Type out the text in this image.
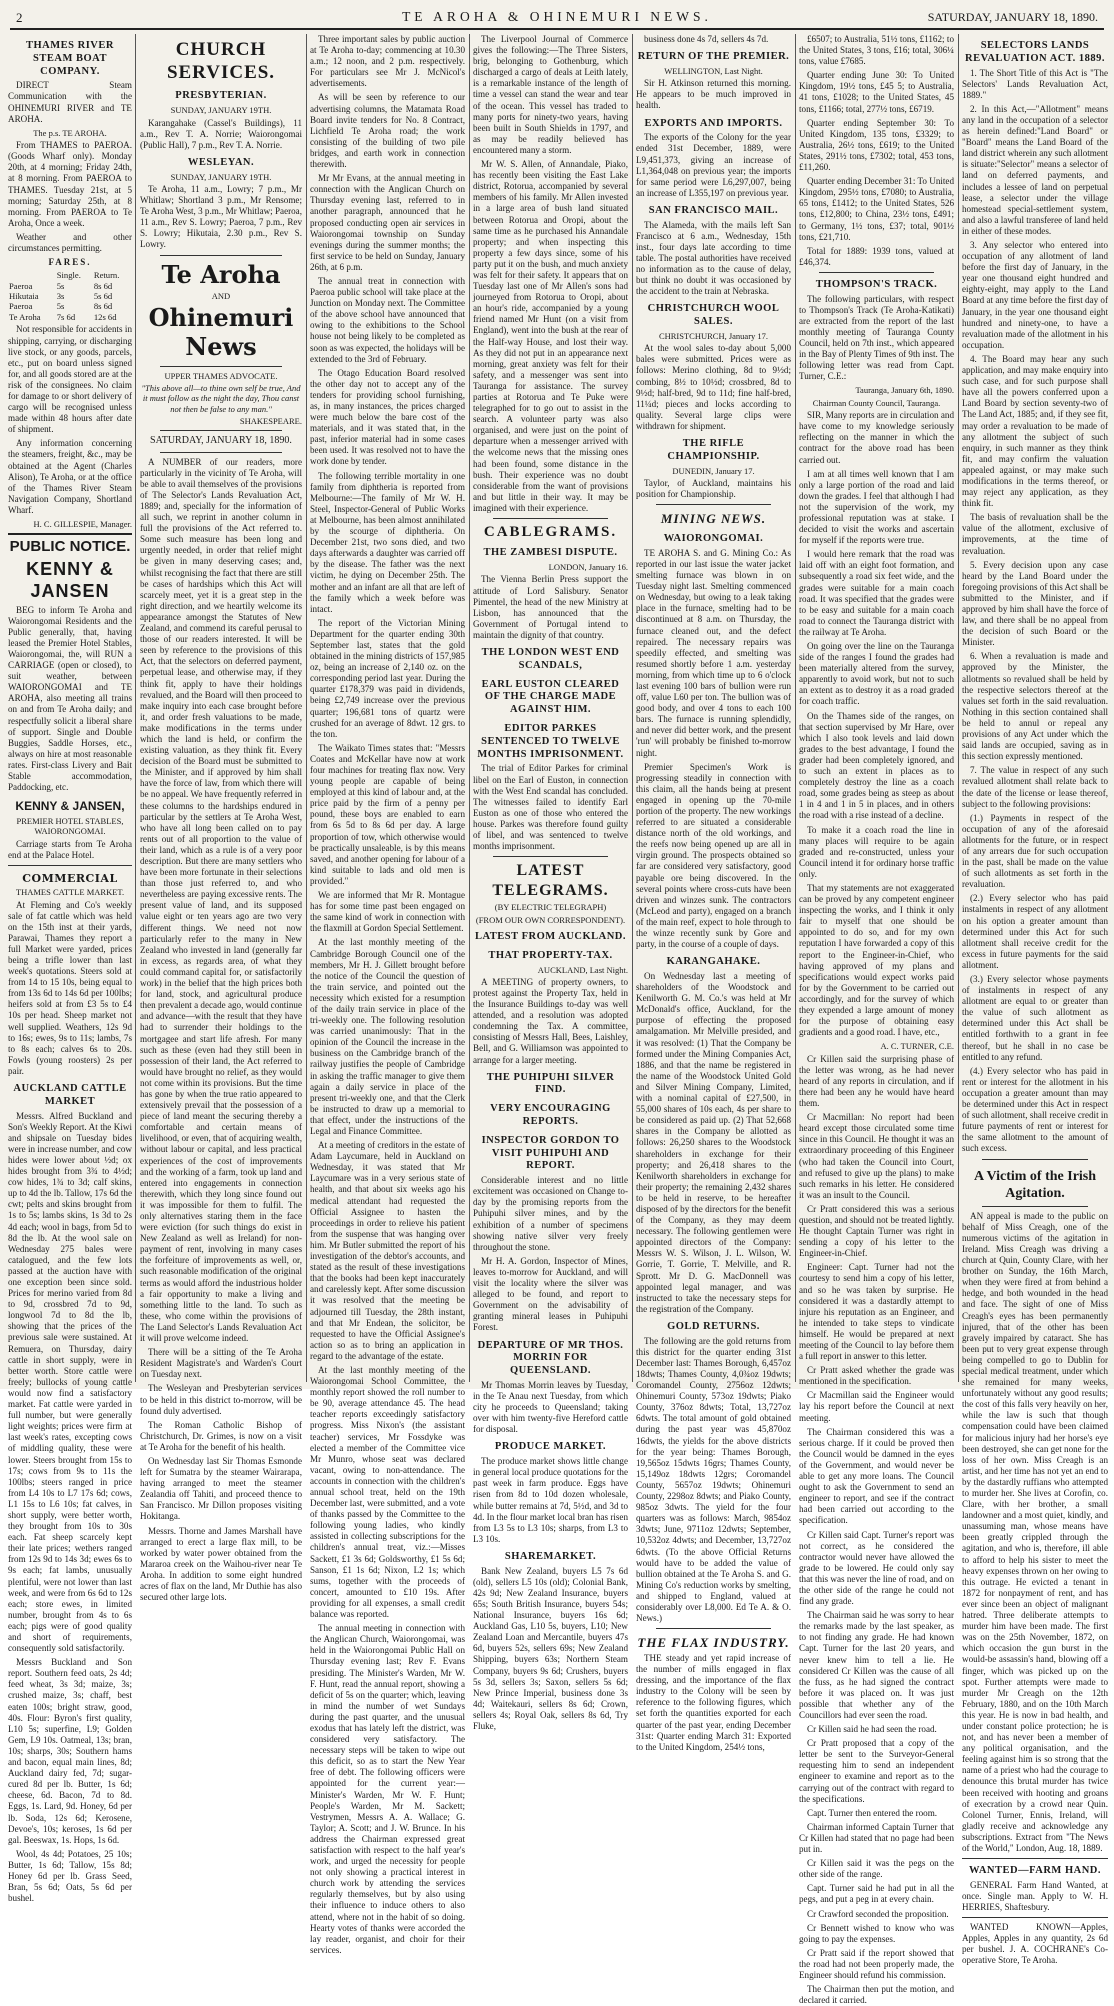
2	TE AROHA & OHINEMURI NEWS.	SATURDAY, JANUARY 18, 1890.
THAMES RIVER STEAM BOAT COMPANY.

DIRECT Steam Communication with the OHINEMURI RIVER and TE AROHA.

The p.s. TE AROHA.

From THAMES to PAEROA. (Goods Wharf only). Monday 20th, at 4 morning; Friday 24th, at 8 morning. From PAEROA to THAMES. Tuesday 21st, at 5 morning; Saturday 25th, at 8 morning. From PAEROA to Te Aroha, Once a week.

Weather and other circumstances permitting.

FARES.
	Single.	Return.
Paeroa	5s	8s 6d
Hikutaia	3s	5s 6d
Paeroa	5s	8s 6d
Te Aroha	7s 6d	12s 6d

Not responsible for accidents in shipping, carrying, or discharging live stock, or any goods, parcels, etc., put on board unless signed for, and all goods stored are at the risk of the consignees. No claim for damage to or short delivery of cargo will be recognised unless made within 48 hours after date of shipment.

Any information concerning the steamers, freight, &c., may be obtained at the Agent (Charles Alison), Te Aroha, or at the office of the Thames River Steam Navigation Company, Shortland Wharf.

H. C. GILLESPIE, Manager.
PUBLIC NOTICE.
KENNY & JANSEN

BEG to inform Te Aroha and Waiorongomai Residents and the Public generally, that, having leased the Premier Hotel Stables, Waiorongomai, the, will RUN a CARRIAGE (open or closed), to suit weather, between WAIORONGOMAI and TE AROHA, also meeting all trains on and from Te Aroha daily; and respectfully solicit a liberal share of support. Single and Double Buggies, Saddle Horses, etc., always on hire at most reasonable rates. First-class Livery and Bait Stable accommodation, Paddocking, etc.

KENNY & JANSEN,
PREMIER HOTEL STABLES, WAIORONGOMAI.

Carriage starts from Te Aroha end at the Palace Hotel.

COMMERCIAL
THAMES CATTLE MARKET.

At Fleming and Co's weekly sale of fat cattle which was held on the 15th inst at their yards, Parawai, Thames they report a full Market were yarded, prices being a trifle lower than last week's quotations. Steers sold at from 14 to 15 10s, being equal to from 13s 6d to 14s 6d per 100lbs; heifers sold at from £3 5s to £4 10s per head. Sheep market not well supplied. Weathers, 12s 9d to 16s; ewes, 9s to 11s; lambs, 7s to 8s each; calves 6s to 20s. Fowls (young roosters) 2s per pair.

AUCKLAND CATTLE MARKET

Messrs. Alfred Buckland and Son's Weekly Report. At the Kiwi and shipsale on Tuesday bides were in increase number, and cow hides were lower about ½d; ox hides brought from 3¾ to 4½d; cow hides, 1¾ to 3d; calf skins, up to 4d the lb. Tallow, 17s 6d the cwt; pelts and skins brought from 1s to 5s; lambs skins, 1s 3d to 2s 4d each; wool in bags, from 5d to 8d the lb. At the wool sale on Wednesday 275 bales were catalogued, and the few lots passed at the auction have with one exception been since sold. Prices for merino varied from 8d to 9d, crossbred 7d to 9d, longwool 7d to 8d the lb, showing that the prices of the previous sale were sustained. At Remuera, on Thursday, dairy cattle in short supply, were in better worth. Store cattle were freely; bullocks of young cattle would now find a satisfactory market. Fat cattle were yarded in full number, but were generally light weights; prices were firm at last week's rates, excepting cows of middling quality, these were lower. Steers brought from 15s to 17s; cows from 9s to 11s the 100lbs; steers ranged in price from L4 10s to L7 17s 6d; cows, L1 15s to L6 10s; fat calves, in short supply, were better worth, they brought from 10s to 30s each. Fat sheep scarcely kept their late prices; wethers ranged from 12s 9d to 14s 3d; ewes 6s to 9s each; fat lambs, unusually plentiful, were not lower than last week, and were from 6s 6d to 12s each; store ewes, in limited number, brought from 4s to 6s each; pigs were of good quality and short of requirements, consequently sold satisfactorily.

Messrs Buckland and Son report. Southern feed oats, 2s 4d; feed wheat, 3s 3d; maize, 3s; crushed maize, 3s; chaff, best eaten 100s; bright straw, good, 40s. Flour: Byron's first quality, L10 5s; superfine, L9; Golden Gem, L9 10s. Oatmeal, 13s; bran, 10s; sharps, 30s; Southern hams and bacon, equal main lines, 8d; Auckland dairy fed, 7d; sugar-cured 8d per lb. Butter, 1s 6d; cheese, 6d. Bacon, 7d to 8d. Eggs, 1s. Lard, 9d. Honey, 6d per lb. Soda, 12s 6d; Kerosene, Devoe's, 10s; keroses, 1s 6d per gal. Beeswax, 1s. Hops, 1s 6d.

Wool, 4s 4d; Potatoes, 25 10s; Butter, 1s 6d; Tallow, 15s 8d; Honey 6d per lb. Grass Seed, Bran, 5s 6d; Oats, 5s 6d per bushel.

CHURCH SERVICES.
PRESBYTERIAN.
SUNDAY, JANUARY 19TH.

Karangahake (Cassel's Buildings), 11 a.m., Rev T. A. Norrie; Waiorongomai (Public Hall), 7 p.m., Rev T. A. Norrie.

WESLEYAN.
SUNDAY, JANUARY 19TH.

Te Aroha, 11 a.m., Lowry; 7 p.m., Mr Whitlaw; Shortland 3 p.m., Mr Rensome; Te Aroha West, 3 p.m., Mr Whitlaw; Paeroa, 11 a.m., Rev S. Lowry; Paeroa, 7 p.m., Rev S. Lowry; Hikutaia, 2.30 p.m., Rev S. Lowry.

Te Aroha
AND
Ohinemuri News
UPPER THAMES ADVOCATE.
"This above all—to thine own self be true, And it must follow as the night the day, Thou canst not then be false to any man."
SHAKESPEARE.
SATURDAY, JANUARY 18, 1890.

A NUMBER of our readers, more particularly in the vicinity of Te Aroha, will be able to avail themselves of the provisions of The Selector's Lands Revaluation Act, 1889; and, specially for the information of all such, we reprint in another column in full the provisions of the Act referred to. Some such measure has been long and urgently needed, in order that relief might be given in many deserving cases; and, whilst recognising the fact that there are still be cases of hardships which this Act will scarcely meet, yet it is a great step in the right direction, and we heartily welcome its appearance amongst the Statutes of New Zealand, and commend its careful perusal to those of our readers interested. It will be seen by reference to the provisions of this Act, that the selectors on deferred payment, perpetual lease, and otherwise may, if they think fit, apply to have their holdings revalued, and the Board will then proceed to make inquiry into each case brought before it, and order fresh valuations to be made, make modifications in the terms under which the land is held, or confirm the existing valuation, as they think fit. Every decision of the Board must be submitted to the Minister, and if approved by him shall have the force of law, from which there will be no appeal. We have frequently referred in these columns to the hardships endured in particular by the settlers at Te Aroha West, who have all long been called on to pay rents out of all proportion to the value of their land, which as a rule is of a very poor description. But there are many settlers who have been more fortunate in their selections than those just referred to, and who nevertheless are paying excessive rents. The present value of land, and its supposed value eight or ten years ago are two very different things. We need not now particularly refer to the many in New Zealand who invested in land (generally far in excess, as regards area, of what they could command capital for, or satisfactorily work) in the belief that the high prices both for land, stock, and agricultural produce then prevalent a decade ago, would continue and advance—with the result that they have had to surrender their holdings to the mortgagee and start life afresh. For many such as these (even had they still been in possession of their land, the Act referred to would have brought no relief, as they would not come within its provisions. But the time has gone by when the true ratio appeared to extensively prevail that the possession of a piece of land meant the securing thereby a comfortable and certain means of livelihood, or even, that of acquiring wealth, without labour or capital, and less practical experiences of the cost of improvements and the working of a farm, took up land and entered into engagements in connection therewith, which they long since found out it was impossible for them to fulfil. The only alternatives staring them in the face were eviction (for such things do exist in New Zealand as well as Ireland) for non-payment of rent, involving in many cases the forfeiture of improvements as well, or, such reasonable modification of the original terms as would afford the industrious holder a fair opportunity to make a living and something little to the land. To such as these, who come within the provisions of The Land Selector's Lands Revaluation Act it will prove welcome indeed.

There will be a sitting of the Te Aroha Resident Magistrate's and Warden's Court on Tuesday next.

The Wesleyan and Presbyterian services to be held in this district to-morrow, will be found duly advertised.

The Roman Catholic Bishop of Christchurch, Dr. Grimes, is now on a visit at Te Aroha for the benefit of his health.

On Wednesday last Sir Thomas Esmonde left for Sumatra by the steamer Wairarapa, having arranged to meet the steamer Zealandia off Tahiti, and proceed thence to San Francisco. Mr Dillon proposes visiting Hokitanga.

Messrs. Thorne and James Marshall have arranged to erect a large flax mill, to be worked by water power obtained from the Mararoa creek on the Waihou-river near Te Aroha. In addition to some eight hundred acres of flax on the land, Mr Duthie has also secured other large lots.

Three important sales by public auction at Te Aroha to-day; commencing at 10.30 a.m.; 12 noon, and 2 p.m. respectively. For particulars see Mr J. McNicol's advertisements.

As will be seen by reference to our advertising columns, the Matamata Road Board invite tenders for No. 8 Contract, Lichfield Te Aroha road; the work consisting of the building of two pile bridges, and earth work in connection therewith.

Mr Mr Evans, at the annual meeting in connection with the Anglican Church on Thursday evening last, referred to in another paragraph, announced that he proposed conducting open air services in Waiorongomai township on Sunday evenings during the summer months; the first service to be held on Sunday, January 26th, at 6 p.m.

The annual treat in connection with Paeroa public school will take place at the Junction on Monday next. The Committee of the above school have announced that owing to the exhibitions to the School house not being likely to be completed as soon as was expected, the holidays will be extended to the 3rd of February.

The Otago Education Board resolved the other day not to accept any of the tenders for providing school furnishing, as, in many instances, the prices charged were much below the bare cost of the materials, and it was stated that, in the past, inferior material had in some cases been used. It was resolved not to have the work done by tender.

The following terrible mortality in one family from diphtheria is reported from Melbourne:—The family of Mr W. H. Steel, Inspector-General of Public Works at Melbourne, has been almost annihilated by the scourge of diphtheria. On December 21st, two sons died, and two days afterwards a daughter was carried off by the disease. The father was the next victim, he dying on December 25th. The mother and an infant are all that are left of the family which a week before was intact.

The report of the Victorian Mining Department for the quarter ending 30th September last, states that the gold obtained in the mining districts of 157,985 oz, being an increase of 2,140 oz. on the corresponding period last year. During the quarter £178,379 was paid in dividends, being £2,749 increase over the previous quarter; 196,681 tons of quartz were crushed for an average of 8dwt. 12 grs. to the ton.

The Waikato Times states that: "Messrs Coates and McKellar have now at work four machines for treating flax now. Very young people are capable of being employed at this kind of labour and, at the price paid by the firm of a penny per pound, these boys are enabled to earn from 6s 5d to 8s 6d per day. A large proportion of tow, which otherwise would be practically unsaleable, is by this means saved, and another opening for labour of a kind suitable to lads and old men is provided."

We are informed that Mr R. Montague has for some time past been engaged on the same kind of work in connection with the flaxmill at Gordon Special Settlement.

At the last monthly meeting of the Cambridge Borough Council one of the members, Mr H. J. Gillett brought before the notice of the Council the question of the train service, and pointed out the necessity which existed for a resumption of the daily train service in place of the tri-weekly one. The following resolution was carried unanimously: That in the opinion of the Council the increase in the business on the Cambridge branch of the railway justifies the people of Cambridge in asking the traffic manager to give them again a daily service in place of the present tri-weekly one, and that the Clerk be instructed to draw up a memorial to that effect, under the instructions of the Legal and Finance Committee.

At a meeting of creditors in the estate of Adam Laycumare, held in Auckland on Wednesday, it was stated that Mr Laycumare was in a very serious state of health, and that about six weeks ago his medical attendant had requested the Official Assignee to hasten the proceedings in order to relieve his patient from the suspense that was hanging over him. Mr Butler submitted the report of his investigation of the debtor's accounts, and stated as the result of these investigations that the books had been kept inaccurately and carelessly kept. After some discussion it was resolved that the meeting be adjourned till Tuesday, the 28th instant, and that Mr Endean, the solicitor, be requested to have the Official Assignee's action so as to bring an application in regard to the advantage of the estate.

At the last monthly meeting of the Waiorongomai School Committee, the monthly report showed the roll number to be 90, average attendance 45. The head teacher reports exceedingly satisfactory progress. Miss Nixon's (the assistant teacher) services, Mr Fossdyke was elected a member of the Committee vice Mr Munro, whose seat was declared vacant, owing to non-attendance. The accounts in connection with the children's annual school treat, held on the 19th December last, were submitted, and a vote of thanks passed by the Committee to the following young ladies, who kindly assisted in collecting subscriptions for the children's annual treat, viz.:—Misses Sackett, £1 3s 6d; Goldsworthy, £1 5s 6d; Sanson, £1 1s 6d; Nixon, L2 1s; which sums, together with the proceeds of concert, amounted to £10 19s. After providing for all expenses, a small credit balance was reported.

The annual meeting in connection with the Anglican Church, Waiorongomai, was held in the Waiorongomai Public Hall on Thursday evening last; Rev F. Evans presiding. The Minister's Warden, Mr W. F. Hunt, read the annual report, showing a deficit of 5s on the quarter; which, leaving in mind the number of wet Sundays during the past quarter, and the unusual exodus that has lately left the district, was considered very satisfactory. The necessary steps will be taken to wipe out this deficit, so as to start the New Year free of debt. The following officers were appointed for the current year:—Minister's Warden, Mr W. F. Hunt; People's Warden, Mr M. Sackett; Vestrymen, Messrs A. A. Wallace; G. Taylor; A. Scott; and J. W. Brunce. In his address the Chairman expressed great satisfaction with respect to the half year's work, and urged the necessity for people not only showing a practical interest in church work by attending the services regularly themselves, but by also using their influence to induce others to also attend, where not in the habit of so doing. Hearty votes of thanks were accorded the lay reader, organist, and choir for their services.

The Liverpool Journal of Commerce gives the following:—The Three Sisters, brig, belonging to Gothenburg, which discharged a cargo of deals at Leith lately, is a remarkable instance of the length of time a vessel can stand the wear and tear of the ocean. This vessel has traded to many ports for ninety-two years, having been built in South Shields in 1797, and as may be readily believed has encountered many a storm.

Mr W. S. Allen, of Annandale, Piako, has recently been visiting the East Lake district, Rotorua, accompanied by several members of his family. Mr Allen invested in a large area of bush land situated between Rotorua and Oropi, about the same time as he purchased his Annandale property; and when inspecting this property a few days since, some of his party put it on the bush, and much anxiety was felt for their safety. It appears that on Tuesday last one of Mr Allen's sons had journeyed from Rotorua to Oropi, about an hour's ride, accompanied by a young friend named Mr Hunt (on a visit from England), went into the bush at the rear of the Half-way House, and lost their way. As they did not put in an appearance next morning, great anxiety was felt for their safety, and a messenger was sent into Tauranga for assistance. The survey parties at Rotorua and Te Puke were telegraphed for to go out to assist in the search. A volunteer party was also organised, and were just on the point of departure when a messenger arrived with the welcome news that the missing ones had been found, some distance in the bush. Their experience was no doubt considerable from the want of provisions and but little in their way. It may be imagined with their experience.

CABLEGRAMS.
THE ZAMBESI DISPUTE.
LONDON, January 16.

The Vienna Berlin Press support the attitude of Lord Salisbury. Senator Pimentel, the head of the new Ministry at Lisbon, has announced that the Government of Portugal intend to maintain the dignity of that country.

THE LONDON WEST END SCANDALS,
EARL EUSTON CLEARED OF THE CHARGE MADE AGAINST HIM.
EDITOR PARKES SENTENCED TO TWELVE MONTHS IMPRISONMENT.

The trial of Editor Parkes for criminal libel on the Earl of Euston, in connection with the West End scandal has concluded. The witnesses failed to identify Earl Euston as one of those who entered the house. Parkes was therefore found guilty of libel, and was sentenced to twelve months imprisonment.

LATEST TELEGRAMS.
(BY ELECTRIC TELEGRAPH)
(FROM OUR OWN CORRESPONDENT).
LATEST FROM AUCKLAND.
THAT PROPERTY-TAX.
AUCKLAND, Last Night.

A MEETING of property owners, to protest against the Property Tax, held in the Insurance Buildings to-day was well attended, and a resolution was adopted condemning the Tax. A committee, consisting of Messrs Hall, Bees, Laishley, Bell, and G. Williamson was appointed to arrange for a larger meeting.

THE PUHIPUHI SILVER FIND.
VERY ENCOURAGING REPORTS.
INSPECTOR GORDON TO VISIT PUHIPUHI AND REPORT.

Considerable interest and no little excitement was occasioned on Change to-day by the promising reports from the Puhipuhi silver mines, and by the exhibition of a number of specimens showing native silver very freely throughout the stone.

Mr H. A. Gordon, Inspector of Mines, leaves to-morrow for Auckland, and will visit the locality where the silver was alleged to be found, and report to Government on the advisability of granting mineral leases in Puhipuhi Forest.

DEPARTURE OF MR THOS. MORRIN FOR QUEENSLAND.

Mr Thomas Morrin leaves by Tuesday, in the Te Anau next Tuesday, from which city he proceeds to Queensland; taking over with him twenty-five Hereford cattle for disposal.

PRODUCE MARKET.

The produce market shows little change in general local produce quotations for the past week in farm produce. Eggs have risen from 8d to 10d dozen wholesale, while butter remains at 7d, 5½d, and 3d to 4d. In the flour market local bran has risen from L3 5s to L3 10s; sharps, from L3 to L3 10s.

SHAREMARKET.

Bank New Zealand, buyers L5 7s 6d (old), sellers L5 10s (old); Colonial Bank, 42s 9d; New Zealand Insurance, buyers 65s; South British Insurance, buyers 54s; National Insurance, buyers 16s 6d; Auckland Gas, L10 5s, buyers, L10; New Zealand Loan and Mercantile, buyers 47s 6d, buyers 52s, sellers 69s; New Zealand Shipping, buyers 63s; Northern Steam Company, buyers 9s 6d; Crushers, buyers 5s 3d, sellers 3s; Saxon, sellers 5s 6d; New Prince Imperial, business done 3s 4d; Waitekauri, sellers 8s 6d; Crown, sellers 4s; Royal Oak, sellers 8s 6d, Try Fluke,

business done 4s 7d, sellers 4s 7d.

RETURN OF THE PREMIER.
WELLINGTON, Last Night.

Sir H. Atkinson returned this morning. He appears to be much improved in health.

EXPORTS AND IMPORTS.

The exports of the Colony for the year ended 31st December, 1889, were L9,451,373, giving an increase of L1,364,048 on previous year; the imports for same period were L6,297,007, being an increase of L355,197 on previous year.

SAN FRANCISCO MAIL.

The Alameda, with the mails left San Francisco at 6 a.m., Wednesday, 15th inst., four days late according to time table. The postal authorities have received no information as to the cause of delay, but think no doubt it was occasioned by the accident to the train at Nebraska.

CHRISTCHURCH WOOL SALES.
CHRISTCHURCH, January 17.

At the wool sales to-day about 5,000 bales were submitted. Prices were as follows: Merino clothing, 8d to 9½d; combing, 8½ to 10½d; crossbred, 8d to 9½d; half-bred, 9d to 11d; fine half-bred, 11¼d; pieces and locks according to quality. Several large clips were withdrawn for shipment.

THE RIFLE CHAMPIONSHIP.
DUNEDIN, January 17.

Taylor, of Auckland, maintains his position for Championship.

MINING NEWS.
WAIORONGOMAI.

TE AROHA S. and G. Mining Co.: As reported in our last issue the water jacket smelting furnace was blown in on Tuesday night last. Smelting commenced on Wednesday, but owing to a leak taking place in the furnace, smelting had to be discontinued at 8 a.m. on Thursday, the furnace cleaned out, and the defect repaired. The necessary repairs was speedily effected, and smelting was resumed shortly before 1 a.m. yesterday morning, from which time up to 6 o'clock last evening 100 bars of bullion were run off, value L60 per ton. The bullion was of good body, and over 4 tons to each 100 bars. The furnace is running splendidly, and never did better work, and the present 'run' will probably be finished to-morrow night.

Premier Specimen's Work is progressing steadily in connection with this claim, all the hands being at present engaged in opening up the 70-mile portion of the property. The new workings referred to are situated a considerable distance north of the old workings, and the reefs now being opened up are all in virgin ground. The prospects obtained so far are considered very satisfactory, good payable ore being discovered. In the several points where cross-cuts have been driven and winzes sunk. The contractors (McLeod and party), engaged on a branch of the main reef, expect to hole through to the winze recently sunk by Gore and party, in the course of a couple of days.

KARANGAHAKE.

On Wednesday last a meeting of shareholders of the Woodstock and Kenilworth G. M. Co.'s was held at Mr McDonald's office, Auckland, for the purpose of effecting the proposed amalgamation. Mr Melville presided, and it was resolved: (1) That the Company be formed under the Mining Companies Act, 1886, and that the name be registered in the name of the Woodstock United Gold and Silver Mining Company, Limited, with a nominal capital of £27,500, in 55,000 shares of 10s each, 4s per share to be considered as paid up. (2) That 52,668 shares in the Company be allotted as follows: 26,250 shares to the Woodstock shareholders in exchange for their property; and 26,418 shares to the Kenilworth shareholders in exchange for their property; the remaining 2,432 shares to be held in reserve, to be hereafter disposed of by the directors for the benefit of the Company, as they may deem necessary. The following gentlemen were appointed directors of the Company: Messrs W. S. Wilson, J. L. Wilson, W. Gorrie, T. Gorrie, T. Melville, and R. Sprott. Mr D. G. MacDonnell was appointed legal manager, and was instructed to take the necessary steps for the registration of the Company.

GOLD RETURNS.

The following are the gold returns from this district for the quarter ending 31st December last: Thames Borough, 6,457oz 18dwts; Thames County, 4,0¾oz 19dwts; Coromandel County, 2756oz 12dwts; Ohinemuri County, 573oz 19dwts; Piako County, 376oz 8dwts; Total, 13,727oz 6dwts. The total amount of gold obtained during the past year was 45,870oz 16dwts, the yields for the above districts for the year being: Thames Borough, 19,565oz 15dwts 16grs; Thames County, 15,149oz 18dwts 12grs; Coromandel County, 5657oz 19dwts; Ohinemuri County, 2298oz 8dwts; and Piako County, 985oz 3dwts. The yield for the four quarters was as follows: March, 9854oz 3dwts; June, 9711oz 12dwts; September, 10,532oz 4dwts; and December, 13,727oz 6dwts. (To the above Official Returns would have to be added the value of bullion obtained at the Te Aroha S. and G. Mining Co's reduction works by smelting, and shipped to England, valued at considerably over L8,000. Ed Te A. & O. News.)

THE FLAX INDUSTRY.

THE steady and yet rapid increase of the number of mills engaged in flax dressing, and the importance of the flax industry to the Colony will be seen by reference to the following figures, which set forth the quantities exported for each quarter of the past year, ending December 31st: Quarter ending March 31: Exported to the United Kingdom, 254½ tons,

£6507; to Australia, 51½ tons, £1162; to the United States, 3 tons, £16; total, 306¼ tons, value £7685.

Quarter ending June 30: To United Kingdom, 19½ tons, £45 5; to Australia, 41 tons, £1028; to the United States, 45 tons, £1166; total, 277½ tons, £6719.

Quarter ending September 30: To United Kingdom, 135 tons, £3329; to Australia, 26½ tons, £619; to the United States, 291½ tons, £7302; total, 453 tons, £11,260.

Quarter ending December 31: To United Kingdom, 295½ tons, £7080; to Australia, 65 tons, £1412; to the United States, 526 tons, £12,800; to China, 23½ tons, £491; to Germany, 1½ tons, £37; total, 901½ tons, £21,710.

Total for 1889: 1939 tons, valued at £46,374.

THOMPSON'S TRACK.

The following particulars, with respect to Thompson's Track (Te Aroha-Katikati) are extracted from the report of the last monthly meeting of Tauranga County Council, held on 7th inst., which appeared in the Bay of Plenty Times of 9th inst. The following letter was read from Capt. Turner, C.E.:

Tauranga, January 6th, 1890.
Chairman County Council, Tauranga.

SIR, Many reports are in circulation and have come to my knowledge seriously reflecting on the manner in which the contract for the above road has been carried out.

I am at all times well known that I am only a large portion of the road and laid down the grades. I feel that although I had not the supervision of the work, my professional reputation was at stake. I decided to visit the works and ascertain for myself if the reports were true.

I would here remark that the road was laid off with an eight foot formation, and subsequently a road six feet wide, and the grades were suitable for a main coach road. It was specified that the grades were to be easy and suitable for a main coach road to connect the Tauranga district with the railway at Te Aroha.

On going over the line on the Tauranga side of the ranges I found the grades had been materially altered from the survey, apparently to avoid work, but not to such an extent as to destroy it as a road graded for coach traffic.

On the Thames side of the ranges, on that section supervised by Mr Hare, over which I also took levels and laid down grades to the best advantage, I found the grader had been completely ignored, and to such an extent in places as to completely destroy the line as a coach road, some grades being as steep as about 1 in 4 and 1 in 5 in places, and in others the road with a rise instead of a decline.

To make it a coach road the line in many places will require to be again graded and re-constructed, unless your Council intend it for ordinary horse traffic only.

That my statements are not exaggerated can be proved by any competent engineer inspecting the works, and I think it only fair to myself that one should be appointed to do so, and for my own reputation I have forwarded a copy of this report to the Engineer-in-Chief, who having approved of my plans and specifications would expect works paid for by the Government to be carried out accordingly, and for the survey of which they expended a large amount of money for the purpose of obtaining easy gradients and a good road. I have, etc.,

A. C. TURNER, C.E.

Cr Killen said the surprising phase of the letter was wrong, as he had never heard of any reports in circulation, and if there had been any he would have heard them.

Cr Macmillan: No report had been heard except those circulated some time since in this Council. He thought it was an extraordinary proceeding of this Engineer (who had taken the Council into Court, and refused to give up the plans) to make such remarks in his letter. He considered it was an insult to the Council.

Cr Pratt considered this was a serious question, and should not be treated lightly. He thought Captain Turner was right in sending a copy of his letter to the Engineer-in-Chief.

Engineer: Capt. Turner had not the courtesy to send him a copy of his letter, and so he was taken by surprise. He considered it was a dastardly attempt to injure his reputation as an Engineer, and he intended to take steps to vindicate himself. He would be prepared at next meeting of the Council to lay before them a full report in answer to this letter.

Cr Pratt asked whether the grade was mentioned in the specification.

Cr Macmillan said the Engineer would lay his report before the Council at next meeting.

The Chairman considered this was a serious charge. If it could be proved then the Council would be damned in the eyes of the Government, and would never be able to get any more loans. The Council ought to ask the Government to send an engineer to report, and see if the contract had been carried out according to the specification.

Cr Killen said Capt. Turner's report was not correct, as he considered the contractor would never have allowed the grade to be lowered. He could only say that this was never the line of road, and on the other side of the range he could not find any grade.

The Chairman said he was sorry to hear the remarks made by the last speaker, as to not finding any grade. He had known Capt. Turner for the last 20 years, and never knew him to tell a lie. He considered Cr Killen was the cause of all the fuss, as he had signed the contract before it was placed on. It was just possible that whether any of the Councillors had ever seen the road.

Cr Killen said he had seen the road.

Cr Pratt proposed that a copy of the letter be sent to the Surveyor-General requesting him to send an independent engineer to examine and report as to the carrying out of the contract with regard to the specifications.

Capt. Turner then entered the room.

Chairman informed Captain Turner that Cr Killen had stated that no page had been put in.

Cr Killen said it was the pegs on the other side of the range.

Capt. Turner said he had put in all the pegs, and put a peg in at every chain.

Cr Crawford seconded the proposition.

Cr Bennett wished to know who was going to pay the expenses.

Cr Pratt said if the report showed that the road had not been properly made, the Engineer should refund his commission.

The Chairman then put the motion, and declared it carried.

SELECTORS LANDS REVALUATION ACT. 1889.

1. The Short Title of this Act is "The Selectors' Lands Revaluation Act, 1889."

2. In this Act,—"Allotment" means any land in the occupation of a selector as herein defined:"Land Board" or "Board" means the Land Board of the land district wherein any such allotment is situate:"Selector" means a selector of land on deferred payments, and includes a lessee of land on perpetual lease, a selector under the village homestead special-settlement system, and also a lawful transferee of land held in either of these modes.

3. Any selector who entered into occupation of any allotment of land before the first day of January, in the year one thousand eight hundred and eighty-eight, may apply to the Land Board at any time before the first day of January, in the year one thousand eight hundred and ninety-one, to have a revaluation made of the allotment in his occupation.

4. The Board may hear any such application, and may make enquiry into such case, and for such purpose shall have all the powers conferred upon a Land Board by section seventy-two of The Land Act, 1885; and, if they see fit, may order a revaluation to be made of any allotment the subject of such enquiry, in such manner as they think fit, and may confirm the valuation appealed against, or may make such modifications in the terms thereof, or may reject any application, as they think fit.

The basis of revaluation shall be the value of the allotment, exclusive of improvements, at the time of revaluation.

5. Every decision upon any case heard by the Land Board under the foregoing provisions of this Act shall be submitted to the Minister, and if approved by him shall have the force of law, and there shall be no appeal from the decision of such Board or the Minister.

6. When a revaluation is made and approved by the Minister, the allotments so revalued shall be held by the respective selectors thereof at the values set forth in the said revaluation. Nothing in this section contained shall be held to annul or repeal any provisions of any Act under which the said lands are occupied, saving as in this section expressly mentioned.

7. The value in respect of any such revalued allotment shall relate back to the date of the license or lease thereof, subject to the following provisions:

(1.) Payments in respect of the occupation of any of the aforesaid allotments for the future, or in respect of any arrears due for such occupation in the past, shall be made on the value of such allotments as set forth in the revaluation.

(2.) Every selector who has paid instalments in respect of any allotment on his option a greater amount than determined under this Act for such allotment shall receive credit for the excess in future payments for the said allotment.

(3.) Every selector whose payments of instalments in respect of any allotment are equal to or greater than the value of such allotment as determined under this Act shall be entitled forthwith to a grant in fee thereof, but he shall in no case be entitled to any refund.

(4.) Every selector who has paid in rent or interest for the allotment in his occupation a greater amount than may be determined under this Act in respect of such allotment, shall receive credit in future payments of rent or interest for the same allotment to the amount of such excess.

A Victim of the Irish Agitation.

AN appeal is made to the public on behalf of Miss Creagh, one of the numerous victims of the agitation in Ireland. Miss Creagh was driving a church at Quin, County Clare, with her brother on Sunday, the 16th March, when they were fired at from behind a hedge, and both wounded in the head and face. The sight of one of Miss Creagh's eyes has been permanently injured, that of the other has been gravely impaired by cataract. She has been put to very great expense through being compelled to go to Dublin for special medical treatment, under which she remained for many weeks, unfortunately without any good results; the cost of this falls very heavily on her, while the law is such that though compensation could have been claimed for malicious injury had her horse's eye been destroyed, she can get none for the loss of her own. Miss Creagh is an artist, and her time has not yet an end to by the dastardly ruffians who attempted to murder her. She lives at Corofin, co. Clare, with her brother, a small landowner and a most quiet, kindly, and unassuming man, whose means have been greatly crippled through the agitation, and who is, therefore, ill able to afford to help his sister to meet the heavy expenses thrown on her owing to this outrage. He evicted a tenant in 1872 for nonpayment of rent, and has ever since been an object of malignant hatred. Three deliberate attempts to murder him have been made. The first was on the 25th November, 1872, on which occasion the gun burst in the would-be assassin's hand, blowing off a finger, which was picked up on the spot. Further attempts were made to murder Mr Creagh on the 12th February, 1880, and on the 10th March this year. He is now in bad health, and under constant police protection; he is not, and has never been a member of any political organisation, and the feeling against him is so strong that the name of a priest who had the courage to denounce this brutal murder has twice been received with hooting and groans of execration by a crowd near Quin. Colonel Turner, Ennis, Ireland, will gladly receive and acknowledge any subscriptions. Extract from "The News of the World," London, Aug. 18, 1889.

WANTED—FARM HAND.

GENERAL Farm Hand Wanted, at once. Single man. Apply to W. H. HERRIES, Shaftesbury.

WANTED KNOWN—Apples, Apples, Apples in any quantity, 2s 6d per bushel. J. A. COCHRANE's Co-operative Store, Te Aroha.
